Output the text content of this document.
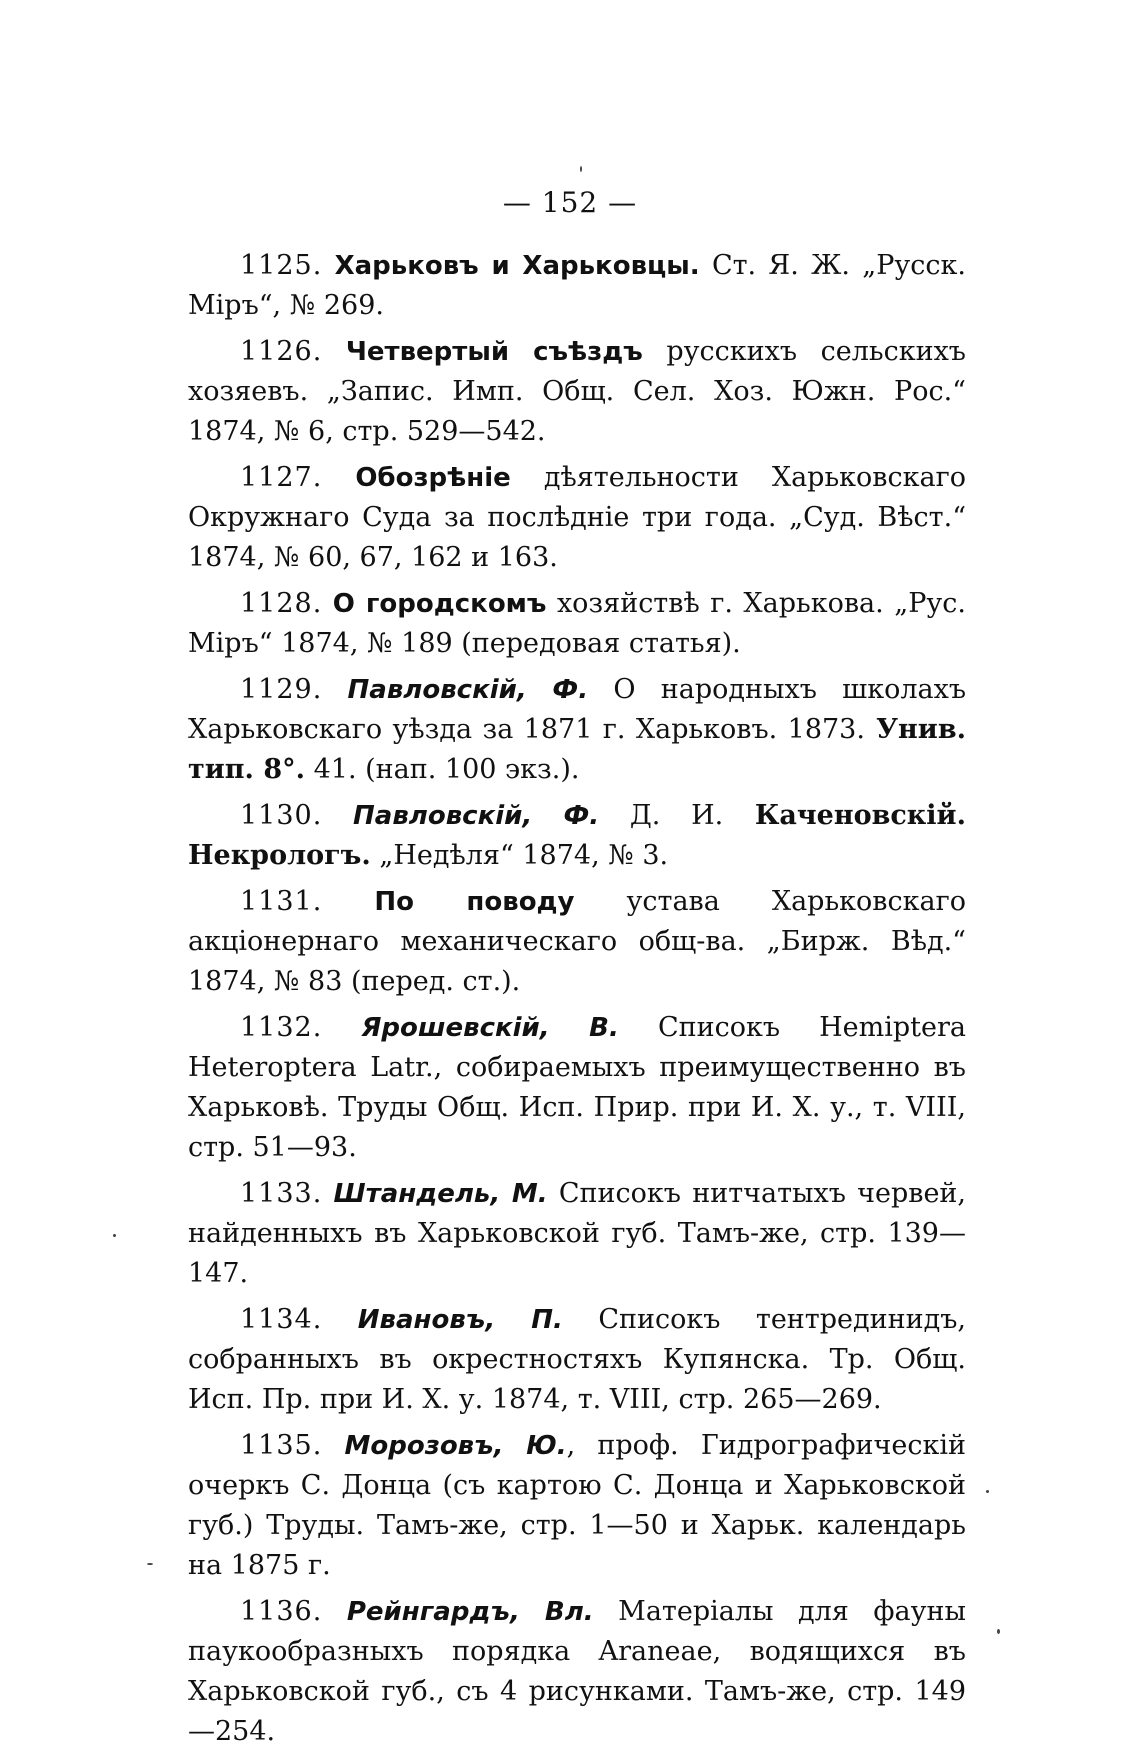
— 152 —

1125. Харьковъ и Харьковцы. Ст. Я. Ж. „Русск. Міръ“, № 269.

1126. Четвертый съѣздъ русскихъ сельскихъ хозяевъ. „Запис. Имп. Общ. Сел. Хоз. Южн. Рос.“ 1874, № 6, стр. 529—542.

1127. Обозрѣніе дѣятельности Харьковскаго Окружнаго Суда за послѣдніе три года. „Суд. Вѣст.“ 1874, № 60, 67, 162 и 163.

1128. О городскомъ хозяйствѣ г. Харькова. „Рус. Міръ“ 1874, № 189 (передовая статья).

1129. Павловскій, Ф. О народныхъ школахъ Харьковскаго уѣзда за 1871 г. Харьковъ. 1873. Унив. тип. 8°. 41. (нап. 100 экз.).

1130. Павловскій, Ф. Д. И. Каченовскій. Некрологъ. „Недѣля“ 1874, № 3.

1131. По поводу устава Харьковскаго акціонернаго механическаго общ-ва. „Бирж. Вѣд.“ 1874, № 83 (перед. ст.).

1132. Ярошевскій, В. Списокъ Hemiptera Heteroptera Latr., собираемыхъ преимущественно въ Харьковѣ. Труды Общ. Исп. Прир. при И. Х. у., т. VIII, стр. 51—93.

1133. Штандель, М. Списокъ нитчатыхъ червей, найденныхъ въ Харьковской губ. Тамъ-же, стр. 139—147.

1134. Ивановъ, П. Списокъ тентрединидъ, собранныхъ въ окрестностяхъ Купянска. Тр. Общ. Исп. Пр. при И. Х. у. 1874, т. VIII, стр. 265—269.

1135. Морозовъ, Ю., проф. Гидрографическій очеркъ С. Донца (съ картою С. Донца и Харьковской губ.) Труды. Тамъ-же, стр. 1—50 и Харьк. календарь на 1875 г.

1136. Рейнгардъ, Вл. Матеріалы для фауны паукообразныхъ порядка Araneae, водящихся въ Харьковской губ., съ 4 рисунками. Тамъ-же, стр. 149—254.
